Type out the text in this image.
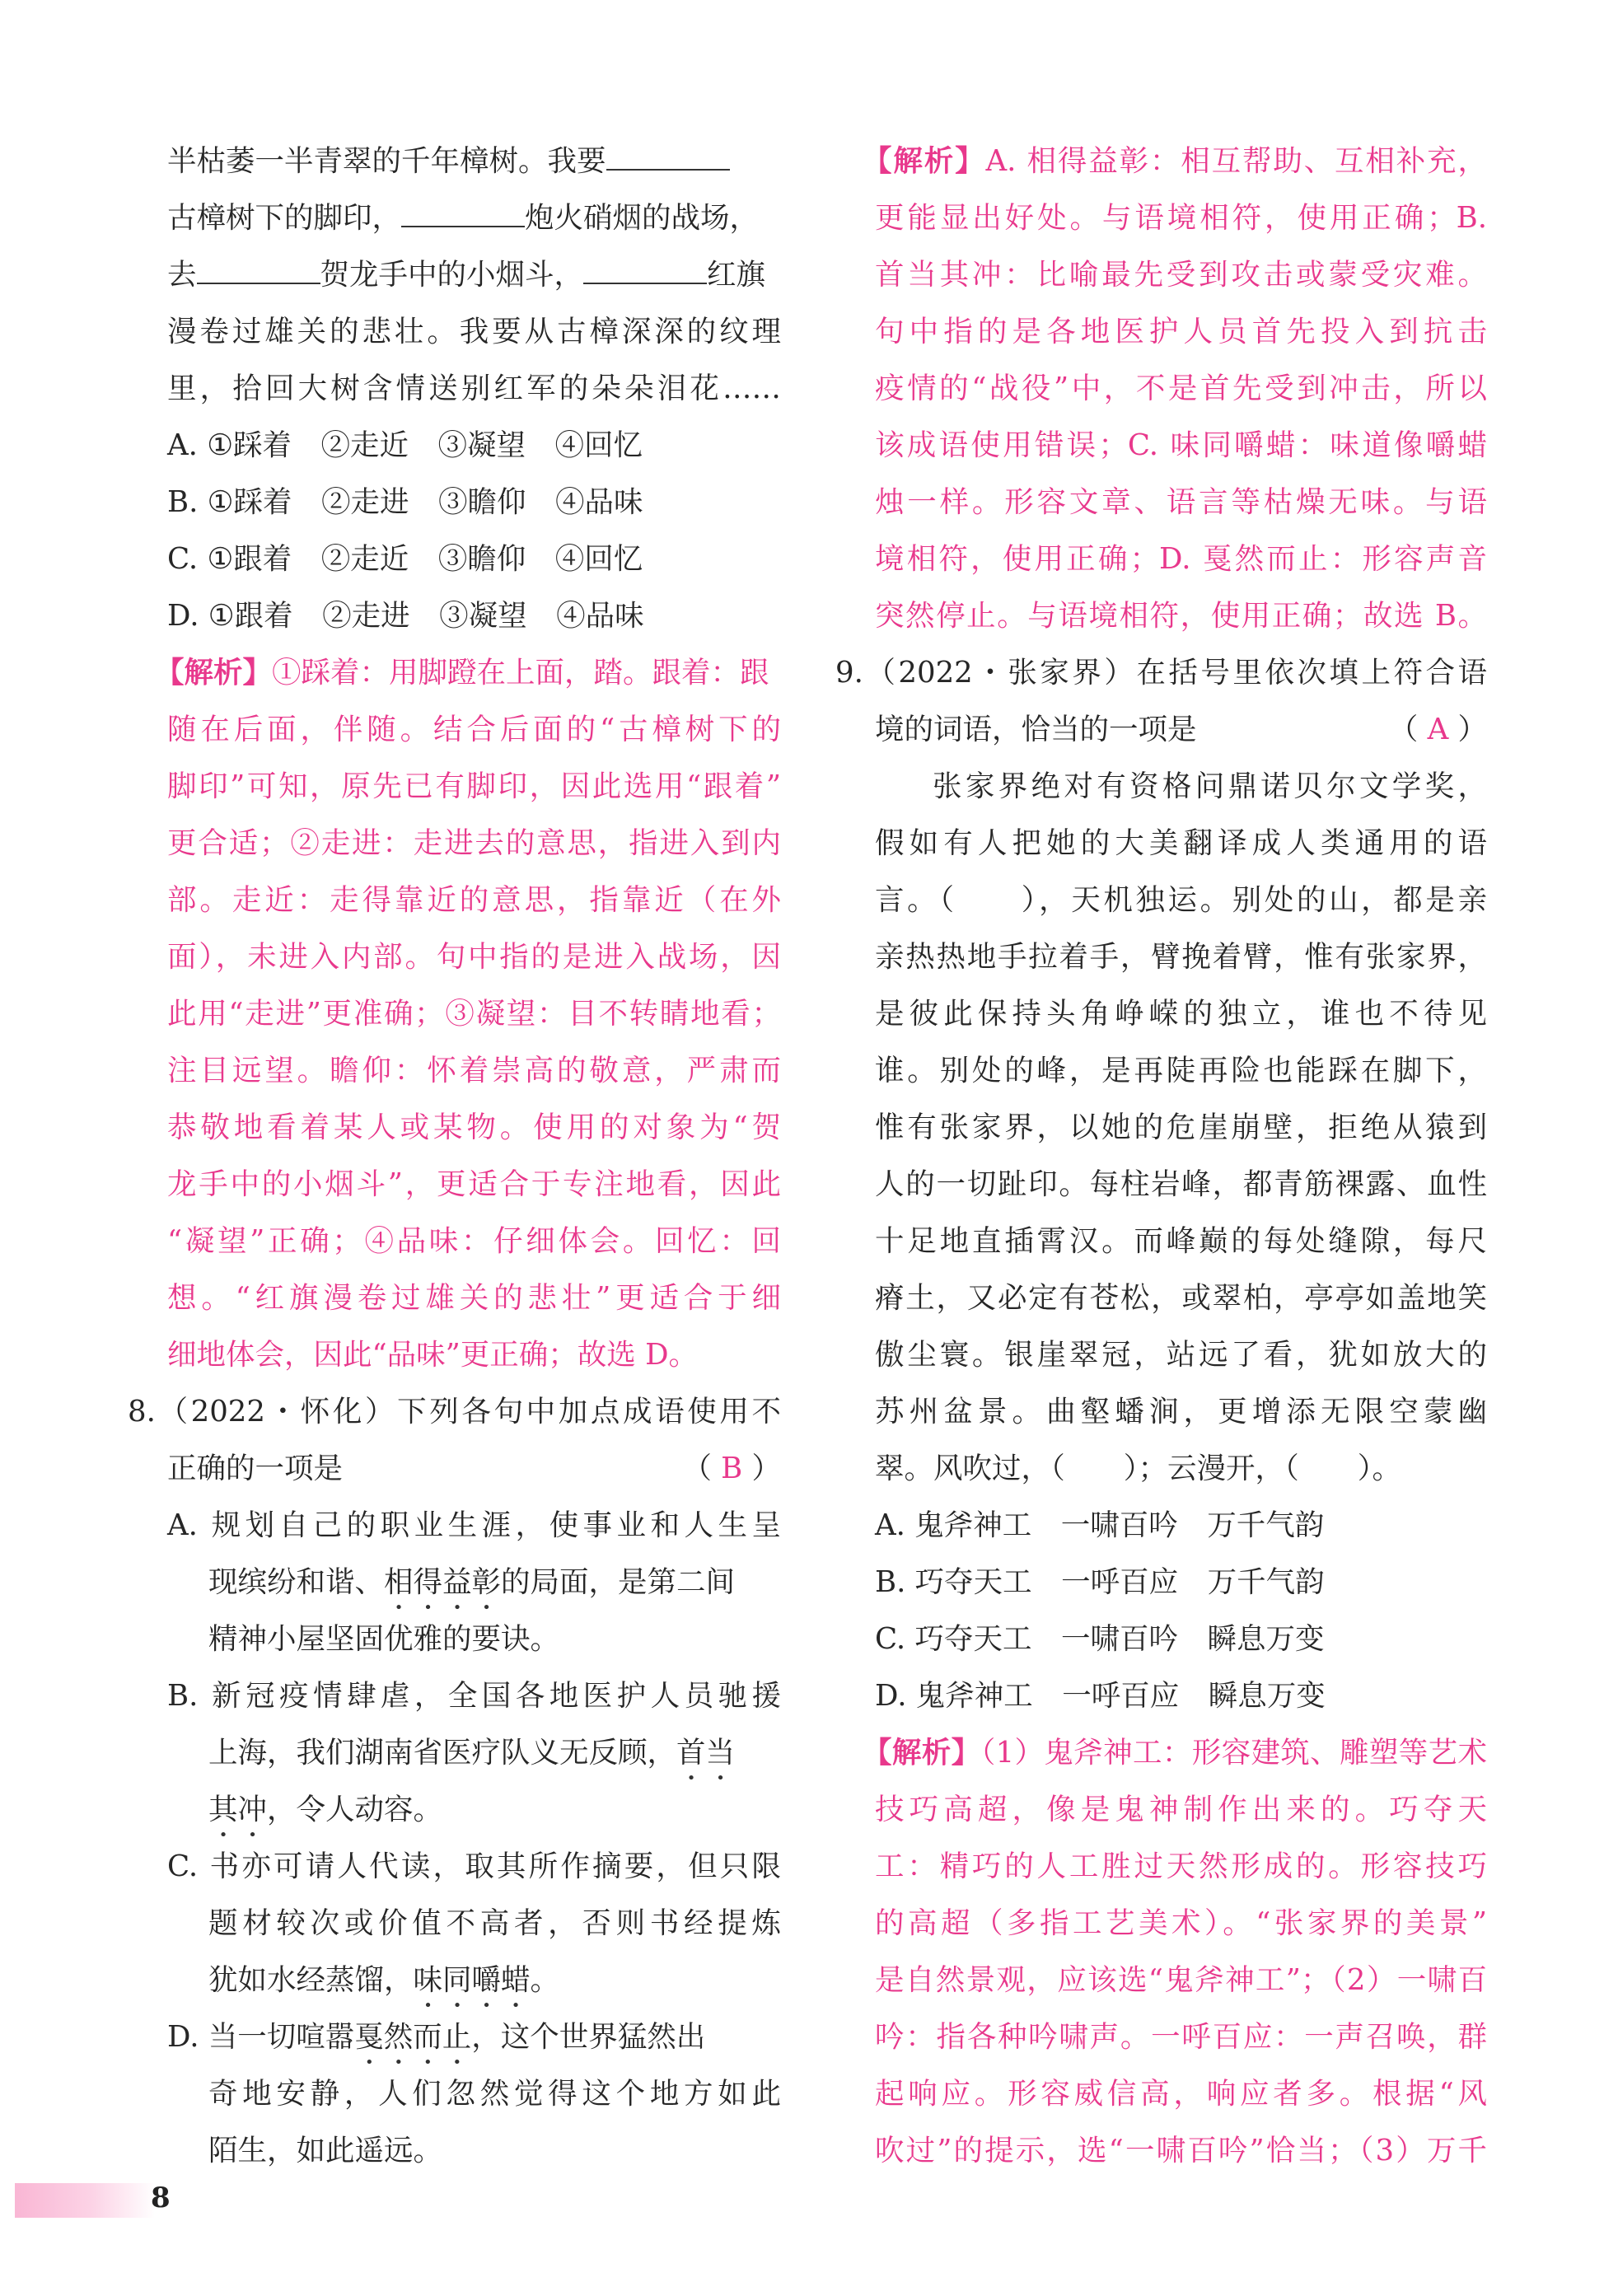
半枯萎一半青翠的千年樟树。我要
古樟树下的脚印，	炮火硝烟的战场，
去	贺龙手中的小烟斗，	红旗
漫卷过雄关的悲壮。我要从古樟深深的纹理
里，拾回大树含情送别红军的朵朵泪花……
A. ①踩着　②走近　③凝望　④回忆
B. ①踩着　②走进　③瞻仰　④品味
C. ①跟着　②走近　③瞻仰　④回忆
D. ①跟着　②走进　③凝望　④品味
【解析】①踩着：用脚蹬在上面，踏。跟着：跟
随在后面，伴随。结合后面的“古樟树下的
脚印”可知，原先已有脚印，因此选用“跟着”
更合适；②走进：走进去的意思，指进入到内
部。走近：走得靠近的意思，指靠近（在外
面），未进入内部。句中指的是进入战场，因
此用“走进”更准确；③凝望：目不转睛地看；
注目远望。瞻仰：怀着崇高的敬意，严肃而
恭敬地看着某人或某物。使用的对象为“贺
龙手中的小烟斗”，更适合于专注地看，因此
“凝望”正确；④品味：仔细体会。回忆：回
想。“红旗漫卷过雄关的悲壮”更适合于细
细地体会，因此“品味”更正确；故选 D。
8.（2022・怀化）下列各句中加点成语使用不
正确的一项是	（ B ）
A. 规划自己的职业生涯，使事业和人生呈
现缤纷和谐、相得益彰的局面，是第二间
精神小屋坚固优雅的要诀。
B. 新冠疫情肆虐，全国各地医护人员驰援
上海，我们湖南省医疗队义无反顾，首当
其冲，令人动容。
C. 书亦可请人代读，取其所作摘要，但只限
题材较次或价值不高者，否则书经提炼
犹如水经蒸馏，味同嚼蜡。
D. 当一切喧嚣戛然而止，这个世界猛然出
奇地安静，人们忽然觉得这个地方如此
陌生，如此遥远。
【解析】A. 相得益彰：相互帮助、互相补充，
更能显出好处。与语境相符，使用正确；B.
首当其冲：比喻最先受到攻击或蒙受灾难。
句中指的是各地医护人员首先投入到抗击
疫情的“战役”中，不是首先受到冲击，所以
该成语使用错误；C. 味同嚼蜡：味道像嚼蜡
烛一样。形容文章、语言等枯燥无味。与语
境相符，使用正确；D. 戛然而止：形容声音
突然停止。与语境相符，使用正确；故选 B。
9.（2022・张家界）在括号里依次填上符合语
境的词语，恰当的一项是	（ A ）
张家界绝对有资格问鼎诺贝尔文学奖，
假如有人把她的大美翻译成人类通用的语
言。（　　），天机独运。别处的山，都是亲
亲热热地手拉着手，臂挽着臂，惟有张家界，
是彼此保持头角峥嵘的独立，谁也不待见
谁。别处的峰，是再陡再险也能踩在脚下，
惟有张家界，以她的危崖崩壁，拒绝从猿到
人的一切趾印。每柱岩峰，都青筋裸露、血性
十足地直插霄汉。而峰巅的每处缝隙，每尺
瘠土，又必定有苍松，或翠柏，亭亭如盖地笑
傲尘寰。银崖翠冠，站远了看，犹如放大的
苏州盆景。曲壑蟠涧，更增添无限空蒙幽
翠。风吹过，（　　）；云漫开，（　　）。
A. 鬼斧神工　一啸百吟　万千气韵
B. 巧夺天工　一呼百应　万千气韵
C. 巧夺天工　一啸百吟　瞬息万变
D. 鬼斧神工　一呼百应　瞬息万变
【解析】（1）鬼斧神工：形容建筑、雕塑等艺术
技巧高超，像是鬼神制作出来的。巧夺天
工：精巧的人工胜过天然形成的。形容技巧
的高超（多指工艺美术）。“张家界的美景”
是自然景观，应该选“鬼斧神工”；（2）一啸百
吟：指各种吟啸声。一呼百应：一声召唤，群
起响应。形容威信高，响应者多。根据“风
吹过”的提示，选“一啸百吟”恰当；（3）万千
8
